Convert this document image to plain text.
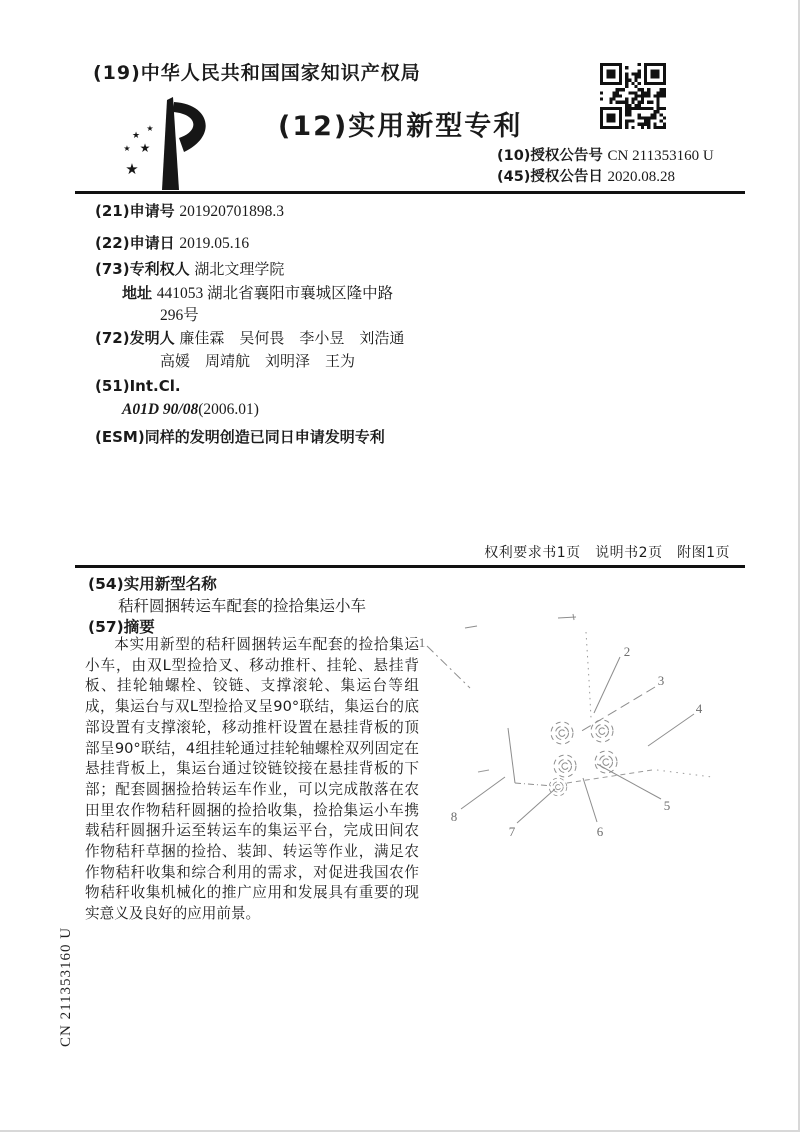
(19)中华人民共和国国家知识产权局
★
★
★ ★
★
(12)实用新型专利
(10)授权公告号 CN 211353160 U
(45)授权公告日 2020.08.28
(21)申请号 201920701898.3
(22)申请日 2019.05.16
(73)专利权人 湖北文理学院
地址 441053 湖北省襄阳市襄城区隆中路
296号
(72)发明人 廉佳霖　吴何畏　李小昱　刘浩通
高媛　周靖航　刘明泽　王为
(51)Int.Cl.
A01D 90/08(2006.01)
(ESM)同样的发明创造已同日申请发明专利
权利要求书1页　说明书2页　附图1页
(54)实用新型名称
秸秆圆捆转运车配套的捡拾集运小车
(57)摘要
本实用新型的秸秆圆捆转运车配套的捡拾集运小车，由双L型捡拾叉、移动推杆、挂轮、悬挂背板、挂轮轴螺栓、铰链、支撑滚轮、集运台等组成，集运台与双L型捡拾叉呈90°联结，集运台的底部设置有支撑滚轮，移动推杆设置在悬挂背板的顶部呈90°联结，4组挂轮通过挂轮轴螺栓双列固定在悬挂背板上，集运台通过铰链铰接在悬挂背板的下部；配套圆捆捡拾转运车作业，可以完成散落在农田里农作物秸秆圆捆的捡拾收集，捡拾集运小车携载秸秆圆捆升运至转运车的集运平台，完成田间农作物秸秆草捆的捡拾、装卸、转运等作业，满足农作物秸秆收集和综合利用的需求，对促进我国农作物秸秆收集机械化的推广应用和发展具有重要的现实意义及良好的应用前景。
1
2
3
4
5
6
7
8
CN 211353160 U
